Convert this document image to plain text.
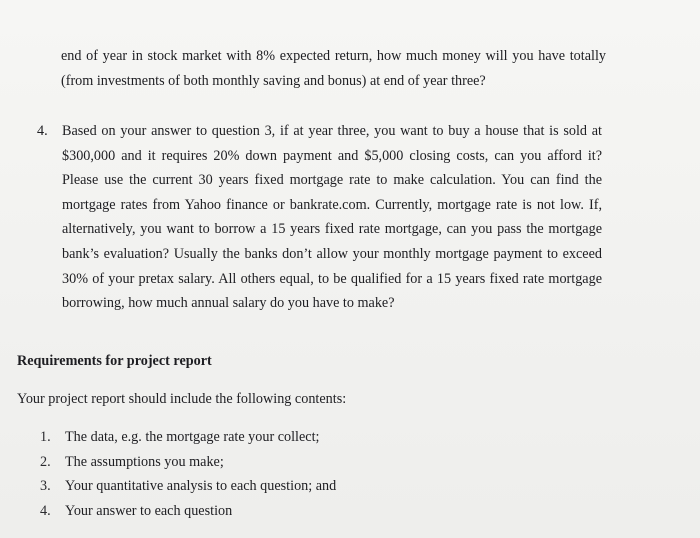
end of year in stock market with 8% expected return, how much money will you have totally (from investments of both monthly saving and bonus) at end of year three?
4. Based on your answer to question 3, if at year three, you want to buy a house that is sold at $300,000 and it requires 20% down payment and $5,000 closing costs, can you afford it? Please use the current 30 years fixed mortgage rate to make calculation. You can find the mortgage rates from Yahoo finance or bankrate.com. Currently, mortgage rate is not low. If, alternatively, you want to borrow a 15 years fixed rate mortgage, can you pass the mortgage bank’s evaluation? Usually the banks don’t allow your monthly mortgage payment to exceed 30% of your pretax salary. All others equal, to be qualified for a 15 years fixed rate mortgage borrowing, how much annual salary do you have to make?
Requirements for project report
Your project report should include the following contents:
1. The data, e.g. the mortgage rate your collect;
2. The assumptions you make;
3. Your quantitative analysis to each question; and
4. Your answer to each question
